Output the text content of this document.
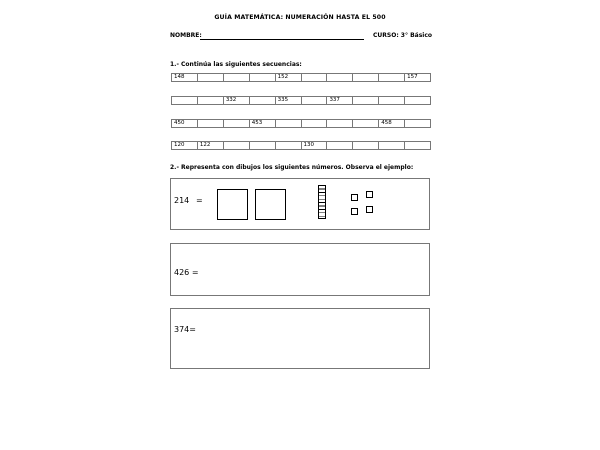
GUÍA MATEMÁTICA: NUMERACIÓN HASTA EL 500
NOMBRE:	CURSO: 3° Básico
1.- Continúa las siguientes secuencias:
148	152	157
332	335	337
450	453	458
120	122	130
2.- Representa con dibujos los siguientes números. Observa el ejemplo:
214 =
426 =
374=
